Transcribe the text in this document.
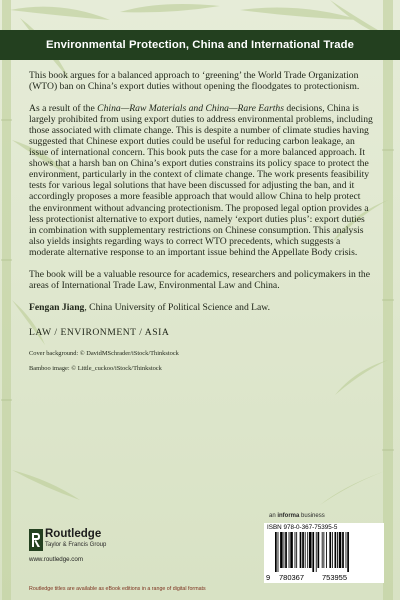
Environmental Protection, China and International Trade

This book argues for a balanced approach to ‘greening’ the World Trade Organization (WTO) ban on China’s export duties without opening the floodgates to protectionism.

As a result of the China—Raw Materials and China—Rare Earths decisions, China is largely prohibited from using export duties to address environmental problems, including those associated with climate change. This is despite a number of climate studies having suggested that Chinese export duties could be useful for reducing carbon leakage, an issue of international concern. This book puts the case for a more balanced approach. It shows that a harsh ban on China’s export duties constrains its policy space to protect the environment, particularly in the context of climate change. The work presents feasibility tests for various legal solutions that have been discussed for adjusting the ban, and it accordingly proposes a more feasible approach that would allow China to help protect the environment without advancing protectionism. The proposed legal option provides a less protectionist alternative to export duties, namely ‘export duties plus’: export duties in combination with supplementary restrictions on Chinese consumption. This analysis also yields insights regarding ways to correct WTO precedents, which suggests a moderate alternative response to an important issue behind the Appellate Body crisis.

The book will be a valuable resource for academics, researchers and policymakers in the areas of International Trade Law, Environmental Law and China.

Fengan Jiang, China University of Political Science and Law.

LAW / ENVIRONMENT / ASIA

Cover background: © DavidMSchrader/iStock/Thinkstock
Bamboo image: © Little_cuckoo/iStock/Thinkstock
Routledge
Taylor & Francis Group
www.routledge.com
an informa business
ISBN 978-0-367-75395-5
9 780367 753955
Routledge titles are available as eBook editions in a range of digital formats
